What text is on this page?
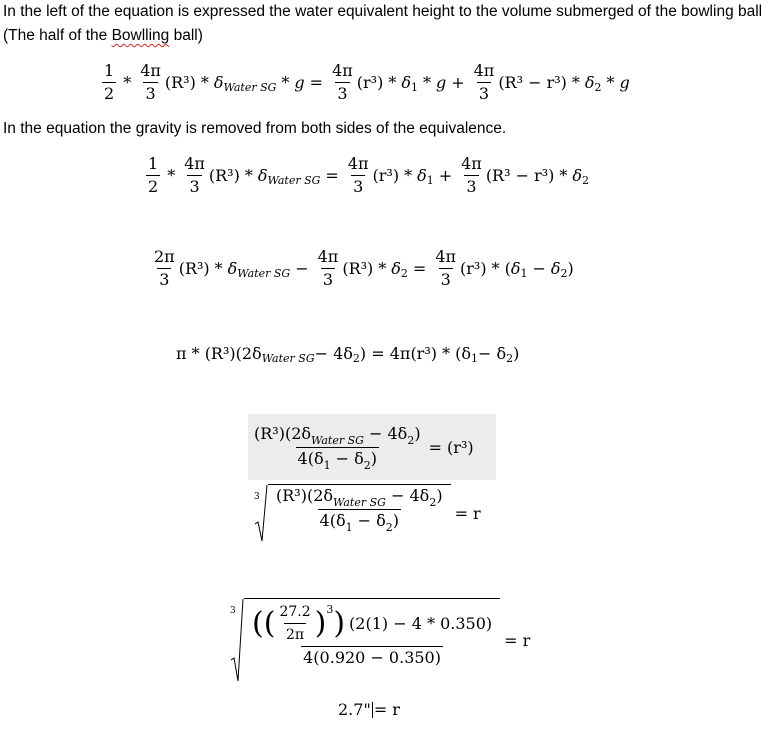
In the left of the equation is expressed the water equivalent height to the volume submerged of the bowling ball (The half of the Bowlling ball)
$\frac{1}{2} * \frac{4\pi}{3} (R^3)$ * δ Water SG * $g = \frac{4\pi}{3} (r^3) * \delta$ $1 * g + \frac{4\pi}{3} (R^3 - r^3) * \delta$ 2 * g
In the equation the gravity is removed from both sides of the equivalence.
$\frac{1}{2} * \frac{4\pi}{3} (R^3)$ * δ Water SG = $\frac{4\pi}{3} (r^3)$ * δ $1 + \frac{4\pi}{3} (R^3 - r^3) * \delta$ 2
$\frac{2\pi}{3} (R^3)$ * δ Water SG − $\frac{4\pi}{3} (R^3)$ * δ $2 = \frac{4\pi}{3} (r^3)$ * ( δ 1 − δ 2 )
π * (R³)(2δ Water SG − 4δ 2 ) = 4π(r³) * (δ 1 − δ 2 )
$\frac{(R^3)(2\delta_{Water SG} - 4\delta_2)}{4(\delta_1 - \delta_2)} = (r^3)$
$3 \frac{(R^3)(2\delta_{Water SG} - 4\delta_2)}{4(\delta_1 - \delta_2)} = r$
3 ( ( $\frac{27.2}{2\pi}$ ) 3 ) (2(1) − 4 * 0.350)
4(0.920 − 0.350)
= r
2.7" = r
